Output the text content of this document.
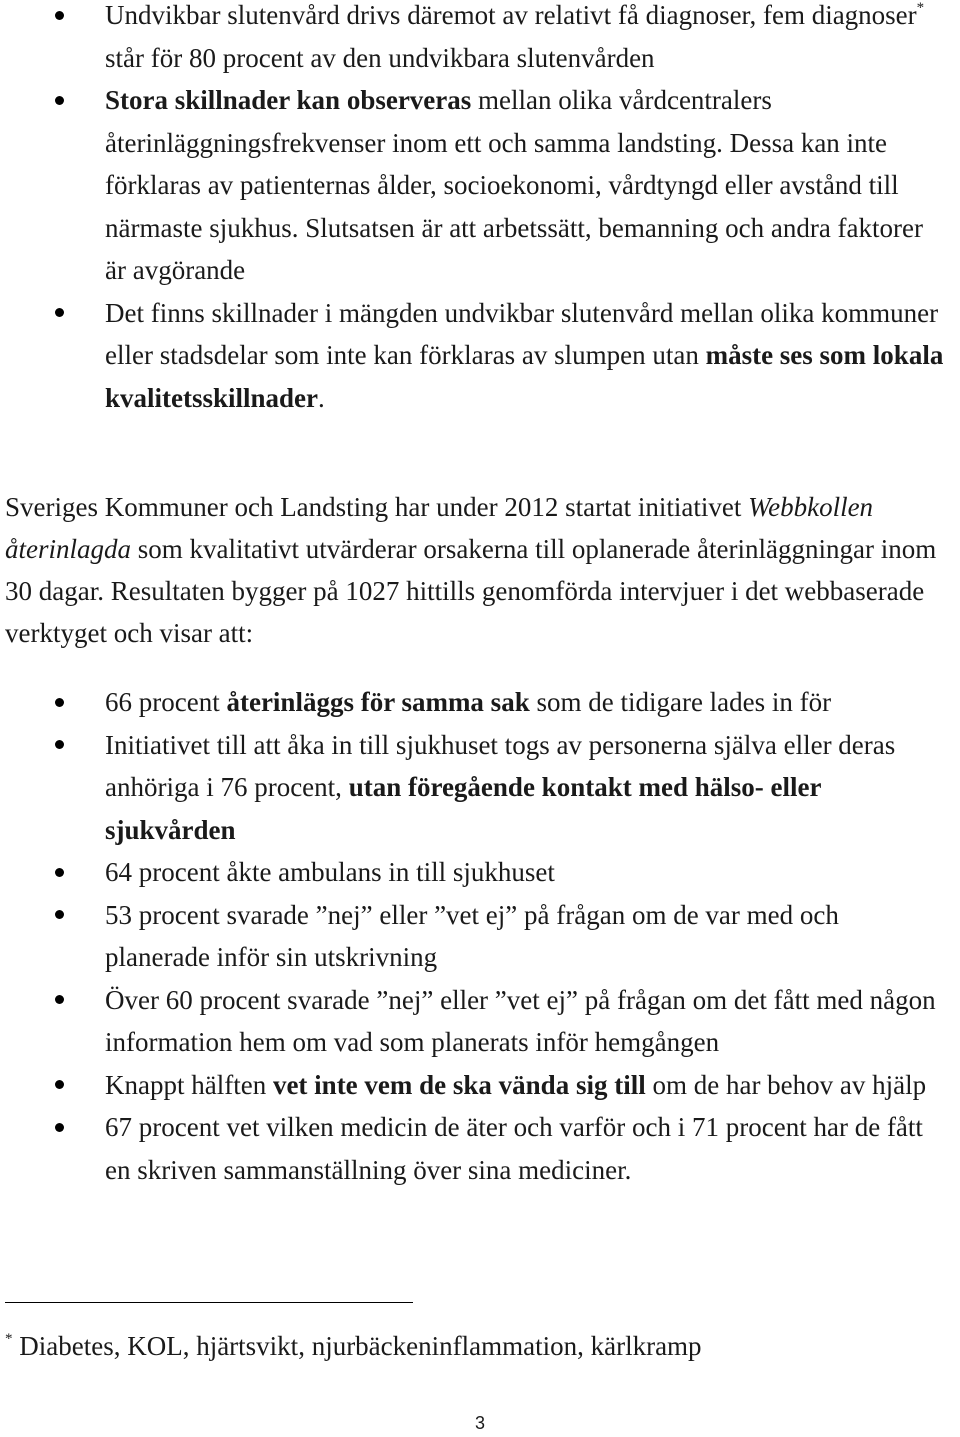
Undvikbar slutenvård drivs däremot av relativt få diagnoser, fem diagnoser* står för 80 procent av den undvikbara slutenvården
Stora skillnader kan observeras mellan olika vårdcentralers återinläggningsfrekvenser inom ett och samma landsting. Dessa kan inte förklaras av patienternas ålder, socioekonomi, vårdtyngd eller avstånd till närmaste sjukhus. Slutsatsen är att arbetssätt, bemanning och andra faktorer är avgörande
Det finns skillnader i mängden undvikbar slutenvård mellan olika kommuner eller stadsdelar som inte kan förklaras av slumpen utan måste ses som lokala kvalitetsskillnader.

Sveriges Kommuner och Landsting har under 2012 startat initiativet Webbkollen återinlagda som kvalitativt utvärderar orsakerna till oplanerade återinläggningar inom 30 dagar. Resultaten bygger på 1027 hittills genomförda intervjuer i det webbaserade verktyget och visar att:

66 procent återinläggs för samma sak som de tidigare lades in för
Initiativet till att åka in till sjukhuset togs av personerna själva eller deras anhöriga i 76 procent, utan föregående kontakt med hälso- eller sjukvården
64 procent åkte ambulans in till sjukhuset
53 procent svarade ”nej” eller ”vet ej” på frågan om de var med och planerade inför sin utskrivning
Över 60 procent svarade ”nej” eller ”vet ej” på frågan om det fått med någon information hem om vad som planerats inför hemgången
Knappt hälften vet inte vem de ska vända sig till om de har behov av hjälp
67 procent vet vilken medicin de äter och varför och i 71 procent har de fått en skriven sammanställning över sina mediciner.

* Diabetes, KOL, hjärtsvikt, njurbäckeninflammation, kärlkramp

3
